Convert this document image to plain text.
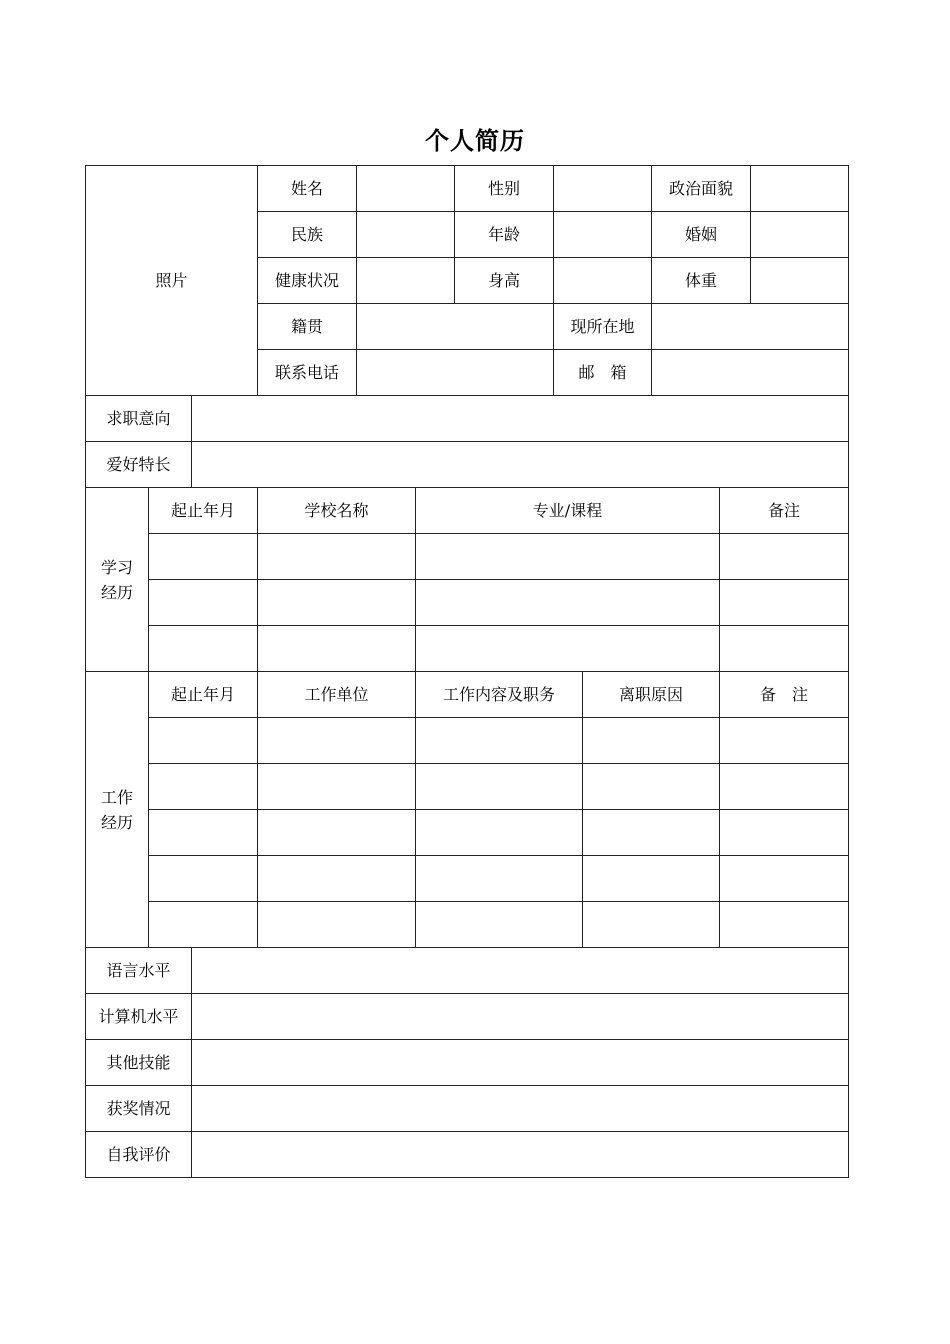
个人简历
照片
姓名	性别	政治面貌
民族	年龄	婚姻
健康状况	身高	体重
籍贯	现所在地
联系电话	邮　箱
求职意向
爱好特长
学习
经历
起止年月	学校名称	专业/课程	备注
工作
经历
起止年月	工作单位	工作内容及职务	离职原因	备　注
语言水平
计算机水平
其他技能
获奖情况
自我评价
